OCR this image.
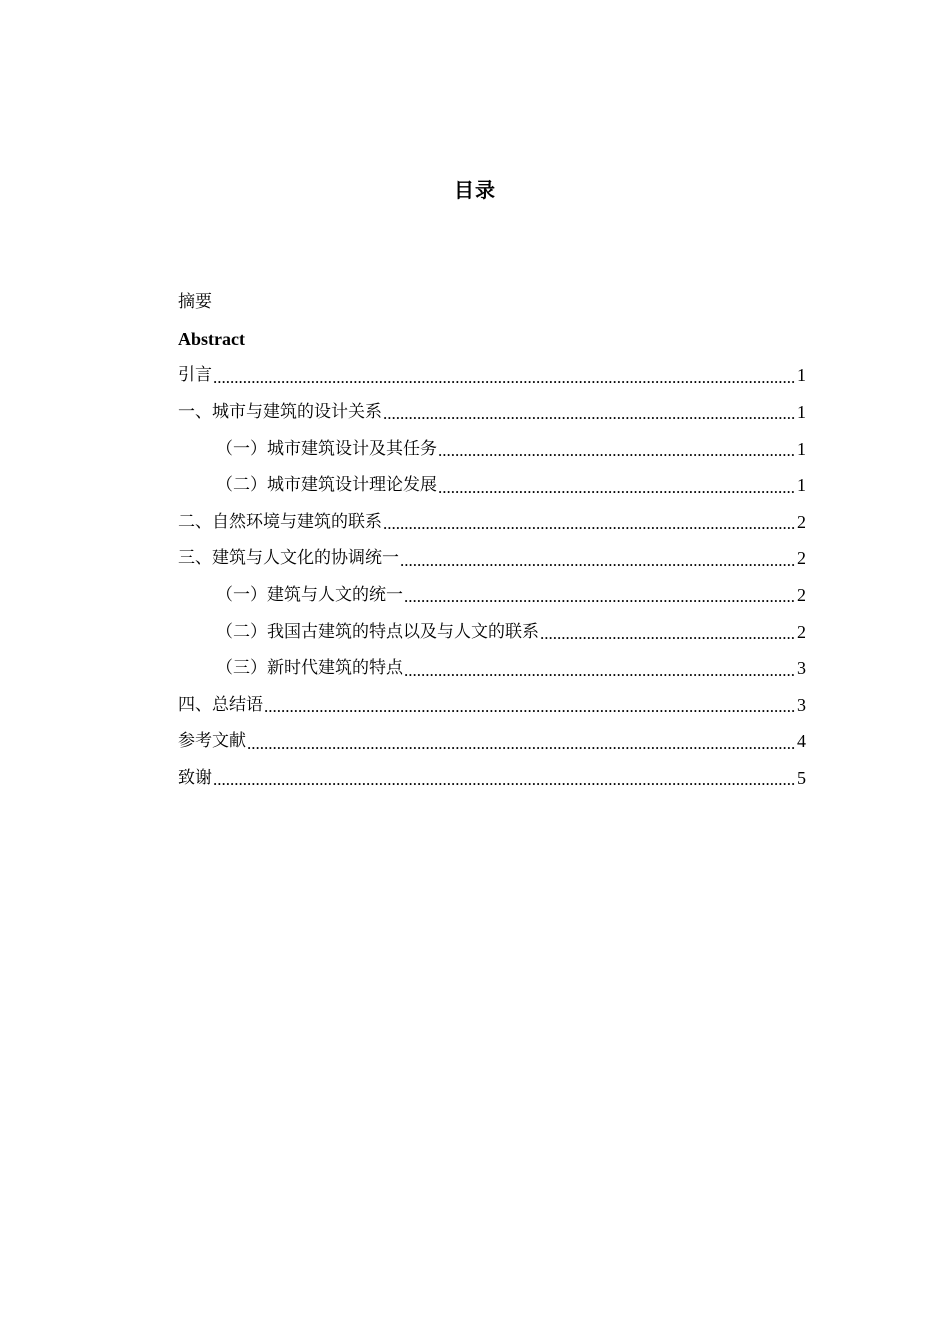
目录
摘要
Abstract
引言 .....	1
一、城市与建筑的设计关系 .....	1
（一）城市建筑设计及其任务 .....	1
（二）城市建筑设计理论发展 .....	1
二、自然环境与建筑的联系 .....	2
三、建筑与人文化的协调统一 .....	2
（一）建筑与人文的统一 .....	2
（二）我国古建筑的特点以及与人文的联系 .....	2
（三）新时代建筑的特点 .....	3
四、总结语 .....	3
参考文献 .....	4
致谢 .....	5
